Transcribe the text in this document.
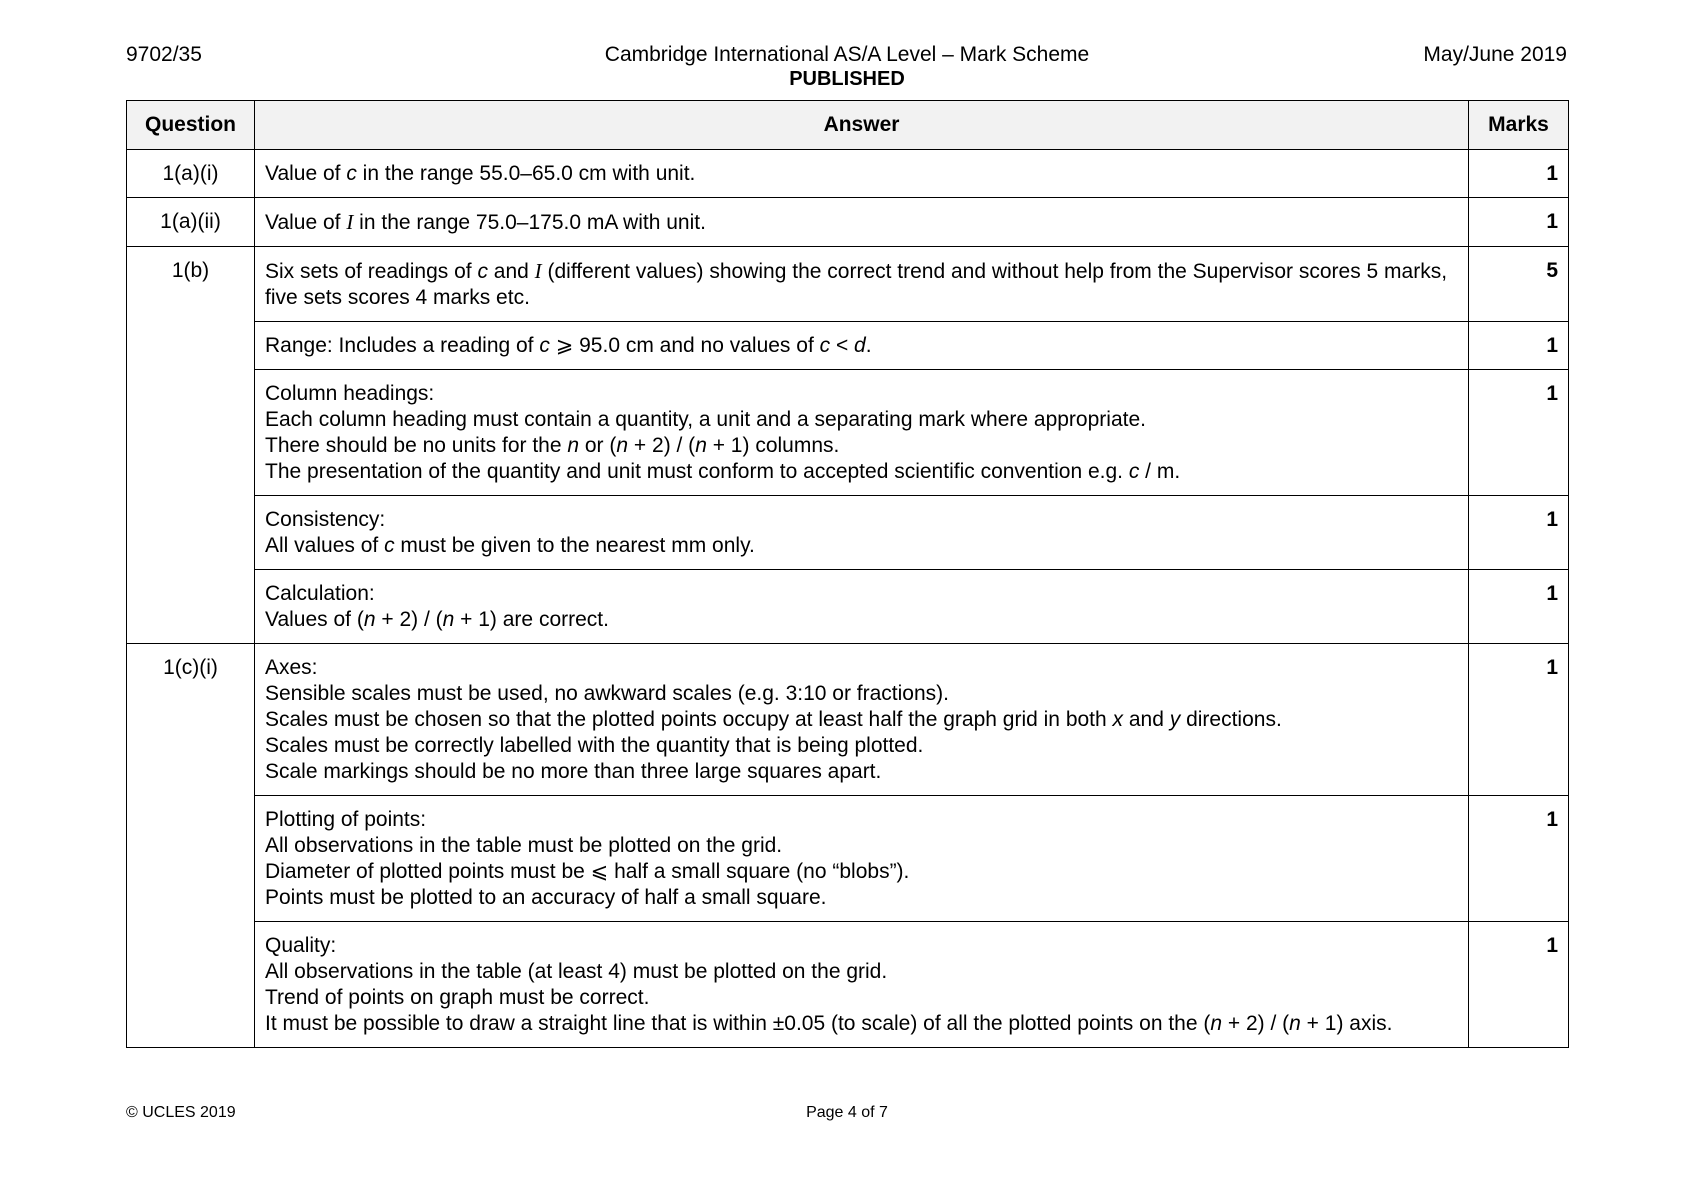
9702/35	Cambridge International AS/A Level – Mark Scheme
PUBLISHED
May/June 2019
Question	Answer	Marks
1(a)(i)	Value of c in the range 55.0–65.0 cm with unit.	1
1(a)(ii)	Value of I in the range 75.0–175.0 mA with unit.	1
1(b)	Six sets of readings of c and I (different values) showing the correct trend and without help from the Supervisor scores 5 marks, five sets scores 4 marks etc.	5

	Range: Includes a reading of c ⩾ 95.0 cm and no values of c < d.	1

	Column headings:
Each column heading must contain a quantity, a unit and a separating mark where appropriate.
There should be no units for the n or (n + 2) / (n + 1) columns.
The presentation of the quantity and unit must conform to accepted scientific convention e.g. c / m.	1

	Consistency:
All values of c must be given to the nearest mm only.	1

	Calculation:
Values of (n + 2) / (n + 1) are correct.	1
1(c)(i)	Axes:
Sensible scales must be used, no awkward scales (e.g. 3:10 or fractions).
Scales must be chosen so that the plotted points occupy at least half the graph grid in both x and y directions.
Scales must be correctly labelled with the quantity that is being plotted.
Scale markings should be no more than three large squares apart.	1

	Plotting of points:
All observations in the table must be plotted on the grid.
Diameter of plotted points must be ⩽ half a small square (no “blobs”).
Points must be plotted to an accuracy of half a small square.	1

	Quality:
All observations in the table (at least 4) must be plotted on the grid.
Trend of points on graph must be correct.
It must be possible to draw a straight line that is within ±0.05 (to scale) of all the plotted points on the (n + 2) / (n + 1) axis.	1
© UCLES 2019	Page 4 of 7
